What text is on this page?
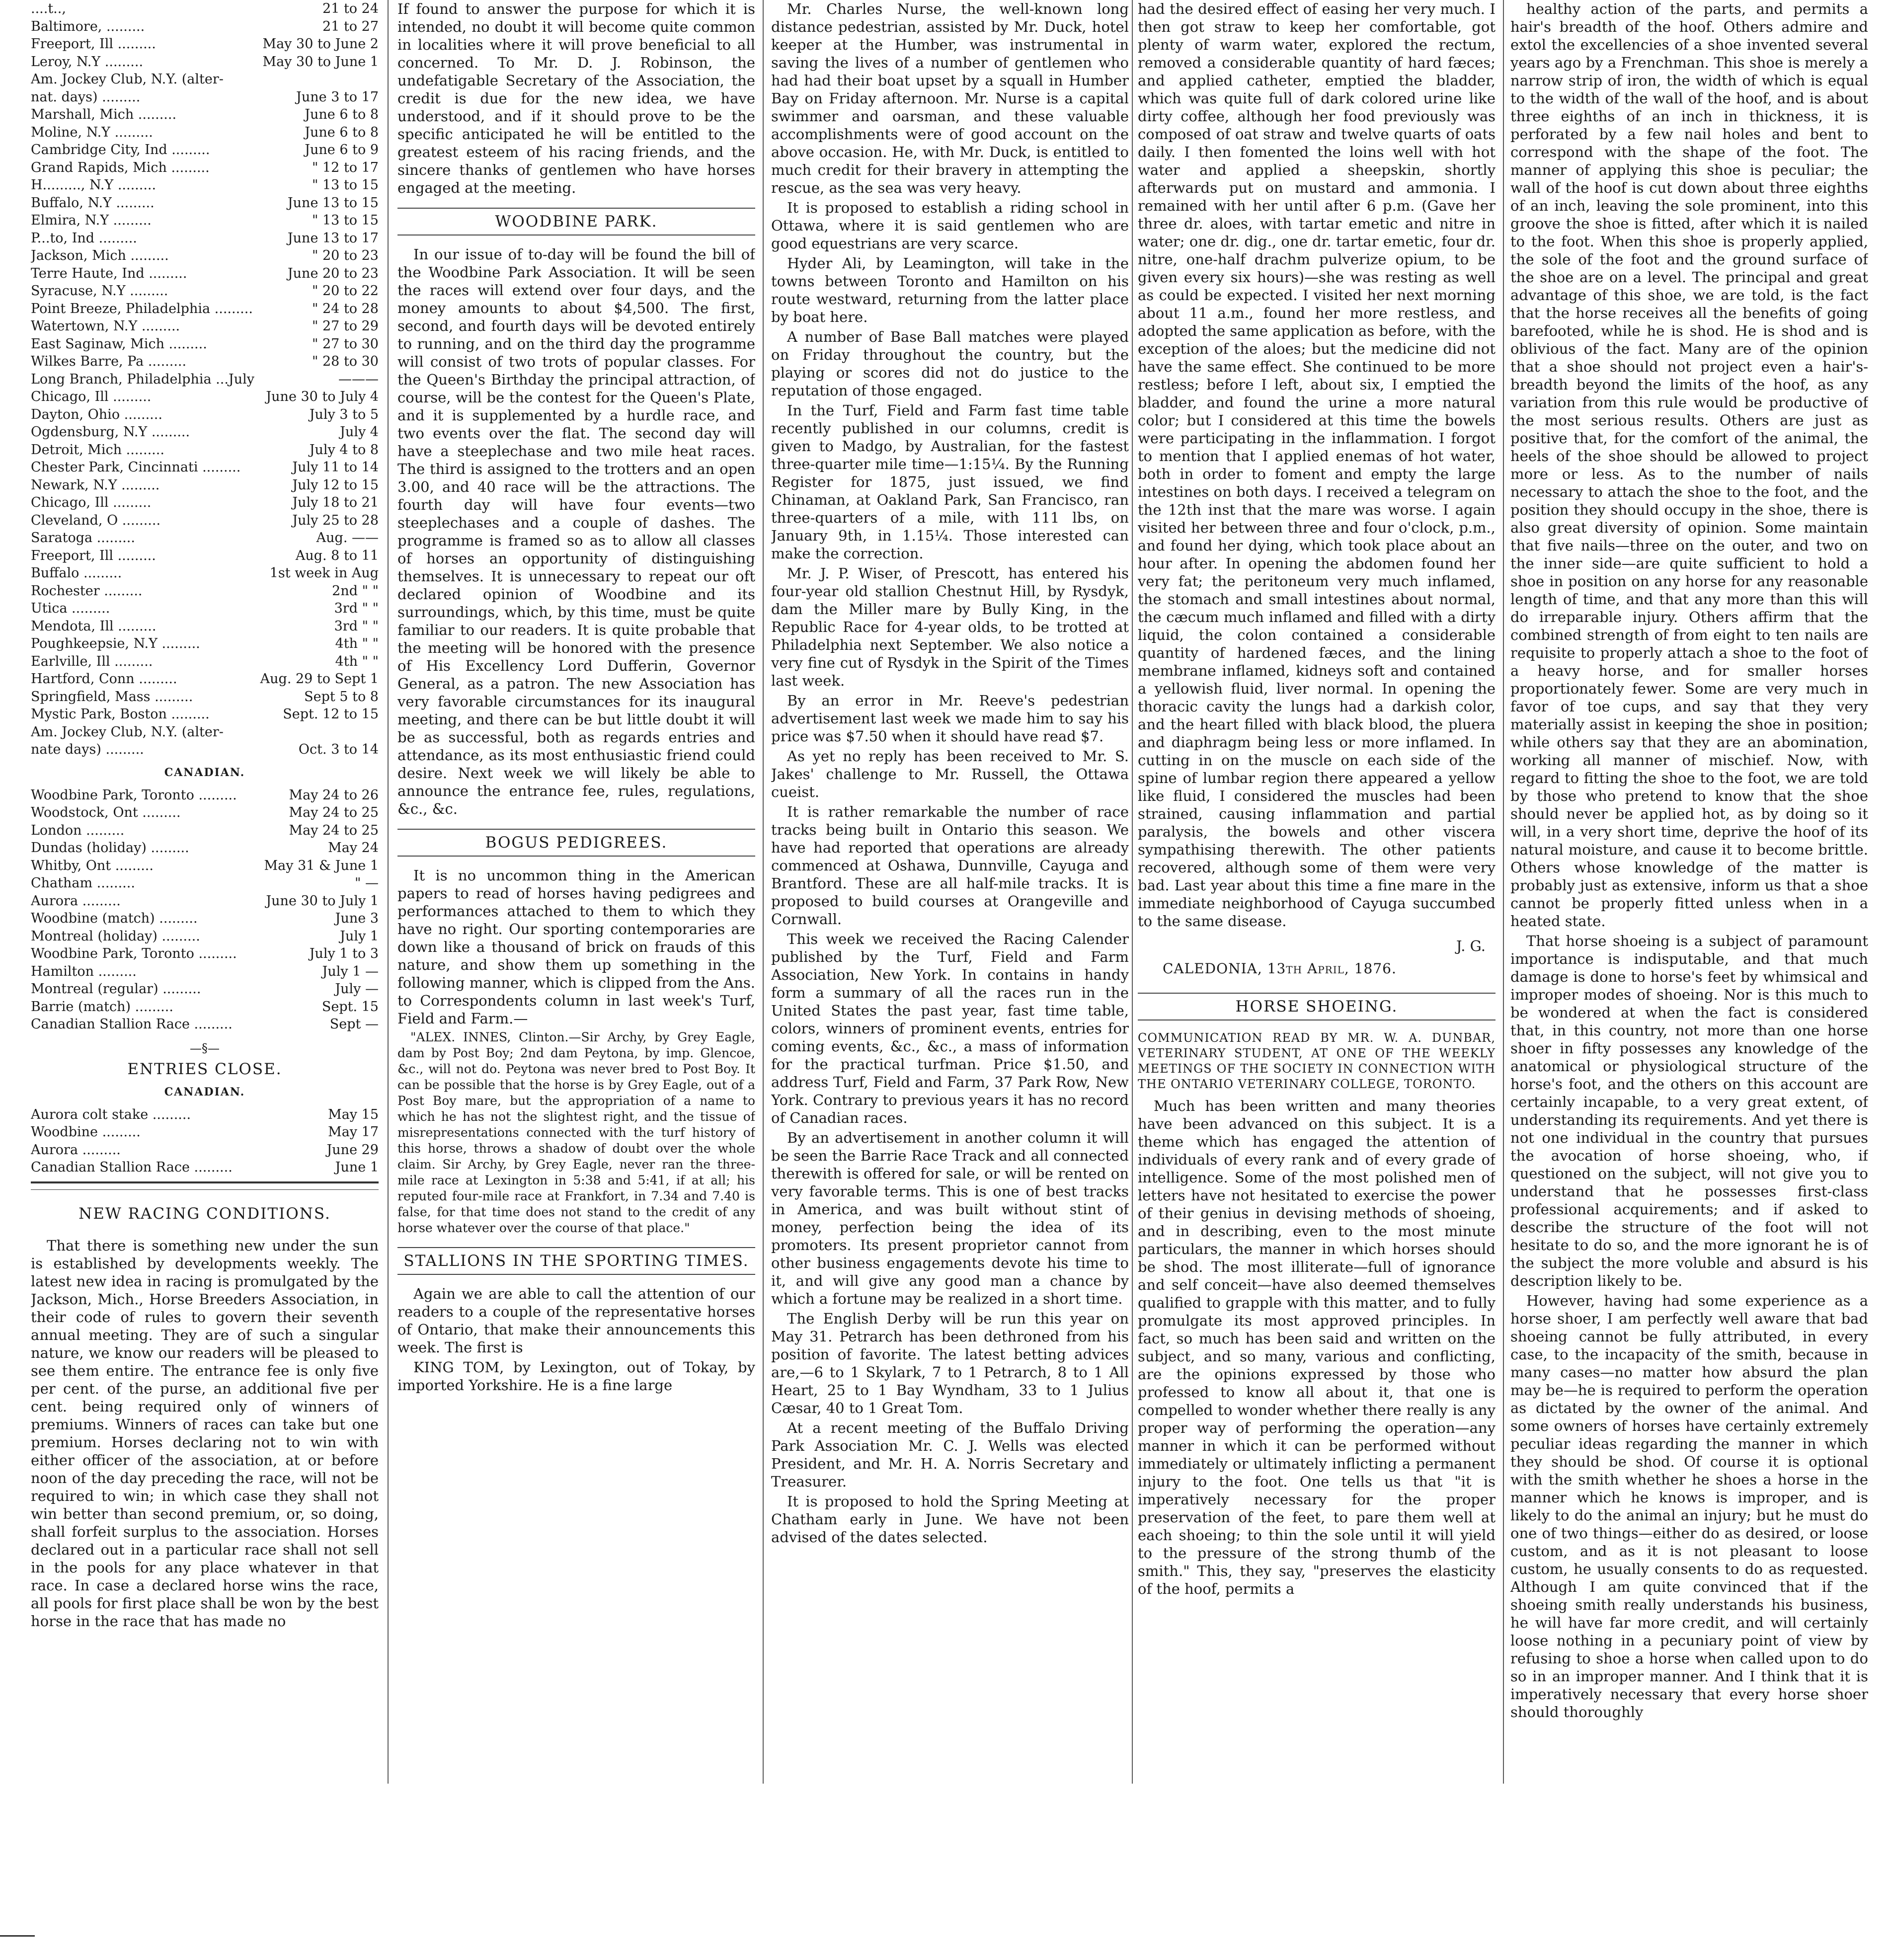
....t..,	21 to 24
Baltimore, .........	21 to 27
Freeport, Ill .........	May 30 to June 2
Leroy, N.Y .........	May 30 to June 1
Am. Jockey Club, N.Y. (alter-
nat. days) .........	June 3 to 17
Marshall, Mich .........	June 6 to 8
Moline, N.Y .........	June 6 to 8
Cambridge City, Ind .........	June 6 to 9
Grand Rapids, Mich .........	" 12 to 17
H........., N.Y .........	" 13 to 15
Buffalo, N.Y .........	June 13 to 15
Elmira, N.Y .........	" 13 to 15
P...to, Ind .........	June 13 to 17
Jackson, Mich .........	" 20 to 23
Terre Haute, Ind .........	June 20 to 23
Syracuse, N.Y .........	" 20 to 22
Point Breeze, Philadelphia .........	" 24 to 28
Watertown, N.Y .........	" 27 to 29
East Saginaw, Mich .........	" 27 to 30
Wilkes Barre, Pa .........	" 28 to 30
Long Branch, Philadelphia ...July	———
Chicago, Ill .........	June 30 to July 4
Dayton, Ohio .........	July 3 to 5
Ogdensburg, N.Y .........	July 4
Detroit, Mich .........	July 4 to 8
Chester Park, Cincinnati .........	July 11 to 14
Newark, N.Y .........	July 12 to 15
Chicago, Ill .........	July 18 to 21
Cleveland, O .........	July 25 to 28
Saratoga .........	Aug. ——
Freeport, Ill .........	Aug. 8 to 11
Buffalo .........	1st week in Aug
Rochester .........	2nd " "
Utica .........	3rd " "
Mendota, Ill .........	3rd " "
Poughkeepsie, N.Y .........	4th " "
Earlville, Ill .........	4th " "
Hartford, Conn .........	Aug. 29 to Sept 1
Springfield, Mass .........	Sept 5 to 8
Mystic Park, Boston .........	Sept. 12 to 15
Am. Jockey Club, N.Y. (alter-
nate days) .........	Oct. 3 to 14
CANADIAN.
Woodbine Park, Toronto .........	May 24 to 26
Woodstock, Ont .........	May 24 to 25
London .........	May 24 to 25
Dundas (holiday) .........	May 24
Whitby, Ont .........	May 31 & June 1
Chatham .........	" —
Aurora .........	June 30 to July 1
Woodbine (match) .........	June 3
Montreal (holiday) .........	July 1
Woodbine Park, Toronto .........	July 1 to 3
Hamilton .........	July 1 —
Montreal (regular) .........	July —
Barrie (match) .........	Sept. 15
Canadian Stallion Race .........	Sept —
—§—
ENTRIES CLOSE.
CANADIAN.
Aurora colt stake .........	May 15
Woodbine .........	May 17
Aurora .........	June 29
Canadian Stallion Race .........	June 1
NEW RACING CONDITIONS.

That there is something new under the sun is established by developments weekly. The latest new idea in racing is promulgated by the Jackson, Mich., Horse Breeders Association, in their code of rules to govern their seventh annual meeting. They are of such a singular nature, we know our readers will be pleased to see them entire. The entrance fee is only five per cent. of the purse, an additional five per cent. being required only of winners of premiums. Winners of races can take but one premium. Horses declaring not to win with either officer of the association, at or before noon of the day preceding the race, will not be required to win; in which case they shall not win better than second premium, or, so doing, shall forfeit surplus to the association. Horses declared out in a particular race shall not sell in the pools for any place whatever in that race. In case a declared horse wins the race, all pools for first place shall be won by the best horse in the race that has made no

If found to answer the purpose for which it is intended, no doubt it will become quite common in localities where it will prove beneficial to all concerned. To Mr. D. J. Robinson, the undefatigable Secretary of the Association, the credit is due for the new idea, we have understood, and if it should prove to be the specific anticipated he will be entitled to the greatest esteem of his racing friends, and the sincere thanks of gentlemen who have horses engaged at the meeting.

WOODBINE PARK.

In our issue of to-day will be found the bill of the Woodbine Park Association. It will be seen the races will extend over four days, and the money amounts to about $4,500. The first, second, and fourth days will be devoted entirely to running, and on the third day the programme will consist of two trots of popular classes. For the Queen's Birthday the principal attraction, of course, will be the contest for the Queen's Plate, and it is supplemented by a hurdle race, and two events over the flat. The second day will have a steeplechase and two mile heat races. The third is assigned to the trotters and an open 3.00, and 40 race will be the attractions. The fourth day will have four events—two steeplechases and a couple of dashes. The programme is framed so as to allow all classes of horses an opportunity of distinguishing themselves. It is unnecessary to repeat our oft declared opinion of Woodbine and its surroundings, which, by this time, must be quite familiar to our readers. It is quite probable that the meeting will be honored with the presence of His Excellency Lord Dufferin, Governor General, as a patron. The new Association has very favorable circumstances for its inaugural meeting, and there can be but little doubt it will be as successful, both as regards entries and attendance, as its most enthusiastic friend could desire. Next week we will likely be able to announce the entrance fee, rules, regulations, &c., &c.

BOGUS PEDIGREES.

It is no uncommon thing in the American papers to read of horses having pedigrees and performances attached to them to which they have no right. Our sporting contemporaries are down like a thousand of brick on frauds of this nature, and show them up something in the following manner, which is clipped from the Ans. to Correspondents column in last week's Turf, Field and Farm.—

"ALEX. INNES, Clinton.—Sir Archy, by Grey Eagle, dam by Post Boy; 2nd dam Peytona, by imp. Glencoe, &c., will not do. Peytona was never bred to Post Boy. It can be possible that the horse is by Grey Eagle, out of a Post Boy mare, but the appropriation of a name to which he has not the slightest right, and the tissue of misrepresentations connected with the turf history of this horse, throws a shadow of doubt over the whole claim. Sir Archy, by Grey Eagle, never ran the three-mile race at Lexington in 5:38 and 5:41, if at all; his reputed four-mile race at Frankfort, in 7.34 and 7.40 is false, for that time does not stand to the credit of any horse whatever over the course of that place."

STALLIONS IN THE SPORTING TIMES.

Again we are able to call the attention of our readers to a couple of the representative horses of Ontario, that make their announcements this week. The first is

KING TOM, by Lexington, out of Tokay, by imported Yorkshire. He is a fine large

Mr. Charles Nurse, the well-known long distance pedestrian, assisted by Mr. Duck, hotel keeper at the Humber, was instrumental in saving the lives of a number of gentlemen who had had their boat upset by a squall in Humber Bay on Friday afternoon. Mr. Nurse is a capital swimmer and oarsman, and these valuable accomplishments were of good account on the above occasion. He, with Mr. Duck, is entitled to much credit for their bravery in attempting the rescue, as the sea was very heavy.

It is proposed to establish a riding school in Ottawa, where it is said gentlemen who are good equestrians are very scarce.

Hyder Ali, by Leamington, will take in the towns between Toronto and Hamilton on his route westward, returning from the latter place by boat here.

A number of Base Ball matches were played on Friday throughout the country, but the playing or scores did not do justice to the reputation of those engaged.

In the Turf, Field and Farm fast time table recently published in our columns, credit is given to Madgo, by Australian, for the fastest three-quarter mile time—1:15¼. By the Running Register for 1875, just issued, we find Chinaman, at Oakland Park, San Francisco, ran three-quarters of a mile, with 111 lbs, on January 9th, in 1.15¼. Those interested can make the correction.

Mr. J. P. Wiser, of Prescott, has entered his four-year old stallion Chestnut Hill, by Rysdyk, dam the Miller mare by Bully King, in the Republic Race for 4-year olds, to be trotted at Philadelphia next September. We also notice a very fine cut of Rysdyk in the Spirit of the Times last week.

By an error in Mr. Reeve's pedestrian advertisement last week we made him to say his price was $7.50 when it should have read $7.

As yet no reply has been received to Mr. S. Jakes' challenge to Mr. Russell, the Ottawa cueist.

It is rather remarkable the number of race tracks being built in Ontario this season. We have had reported that operations are already commenced at Oshawa, Dunnville, Cayuga and Brantford. These are all half-mile tracks. It is proposed to build courses at Orangeville and Cornwall.

This week we received the Racing Calender published by the Turf, Field and Farm Association, New York. In contains in handy form a summary of all the races run in the United States the past year, fast time table, colors, winners of prominent events, entries for coming events, &c., &c., a mass of information for the practical turfman. Price $1.50, and address Turf, Field and Farm, 37 Park Row, New York. Contrary to previous years it has no record of Canadian races.

By an advertisement in another column it will be seen the Barrie Race Track and all connected therewith is offered for sale, or will be rented on very favorable terms. This is one of best tracks in America, and was built without stint of money, perfection being the idea of its promoters. Its present proprietor cannot from other business engagements devote his time to it, and will give any good man a chance by which a fortune may be realized in a short time.

The English Derby will be run this year on May 31. Petrarch has been dethroned from his position of favorite. The latest betting advices are,—6 to 1 Skylark, 7 to 1 Petrarch, 8 to 1 All Heart, 25 to 1 Bay Wyndham, 33 to 1 Julius Cæsar, 40 to 1 Great Tom.

At a recent meeting of the Buffalo Driving Park Association Mr. C. J. Wells was elected President, and Mr. H. A. Norris Secretary and Treasurer.

It is proposed to hold the Spring Meeting at Chatham early in June. We have not been advised of the dates selected.

had the desired effect of easing her very much. I then got straw to keep her comfortable, got plenty of warm water, explored the rectum, removed a considerable quantity of hard fæces; and applied catheter, emptied the bladder, which was quite full of dark colored urine like dirty coffee, although her food previously was composed of oat straw and twelve quarts of oats daily. I then fomented the loins well with hot water and applied a sheepskin, shortly afterwards put on mustard and ammonia. I remained with her until after 6 p.m. (Gave her three dr. aloes, with tartar emetic and nitre in water; one dr. dig., one dr. tartar emetic, four dr. nitre, one-half drachm pulverize opium, to be given every six hours)—she was resting as well as could be expected. I visited her next morning about 11 a.m., found her more restless, and adopted the same application as before, with the exception of the aloes; but the medicine did not have the same effect. She continued to be more restless; before I left, about six, I emptied the bladder, and found the urine a more natural color; but I considered at this time the bowels were participating in the inflammation. I forgot to mention that I applied enemas of hot water, both in order to foment and empty the large intestines on both days. I received a telegram on the 12th inst that the mare was worse. I again visited her between three and four o'clock, p.m., and found her dying, which took place about an hour after. In opening the abdomen found her very fat; the peritoneum very much inflamed, the stomach and small intestines about normal, the cæcum much inflamed and filled with a dirty liquid, the colon contained a considerable quantity of hardened fæces, and the lining membrane inflamed, kidneys soft and contained a yellowish fluid, liver normal. In opening the thoracic cavity the lungs had a darkish color, and the heart filled with black blood, the pluera and diaphragm being less or more inflamed. In cutting in on the muscle on each side of the spine of lumbar region there appeared a yellow like fluid, I considered the muscles had been strained, causing inflammation and partial paralysis, the bowels and other viscera sympathising therewith. The other patients recovered, although some of them were very bad. Last year about this time a fine mare in the immediate neighborhood of Cayuga succumbed to the same disease.

J. G.

CALEDONIA, 13th April, 1876.

HORSE SHOEING.

COMMUNICATION READ BY MR. W. A. DUNBAR, VETERINARY STUDENT, AT ONE OF THE WEEKLY MEETINGS OF THE SOCIETY IN CONNECTION WITH THE ONTARIO VETERINARY COLLEGE, TORONTO.

Much has been written and many theories have been advanced on this subject. It is a theme which has engaged the attention of individuals of every rank and of every grade of intelligence. Some of the most polished men of letters have not hesitated to exercise the power of their genius in devising methods of shoeing, and in describing, even to the most minute particulars, the manner in which horses should be shod. The most illiterate—full of ignorance and self conceit—have also deemed themselves qualified to grapple with this matter, and to fully promulgate its most approved principles. In fact, so much has been said and written on the subject, and so many, various and conflicting, are the opinions expressed by those who professed to know all about it, that one is compelled to wonder whether there really is any proper way of performing the operation—any manner in which it can be performed without immediately or ultimately inflicting a permanent injury to the foot. One tells us that "it is imperatively necessary for the proper preservation of the feet, to pare them well at each shoeing; to thin the sole until it will yield to the pressure of the strong thumb of the smith." This, they say, "preserves the elasticity of the hoof, permits a

healthy action of the parts, and permits a hair's breadth of the hoof. Others admire and extol the excellencies of a shoe invented several years ago by a Frenchman. This shoe is merely a narrow strip of iron, the width of which is equal to the width of the wall of the hoof, and is about three eighths of an inch in thickness, it is perforated by a few nail holes and bent to correspond with the shape of the foot. The manner of applying this shoe is peculiar; the wall of the hoof is cut down about three eighths of an inch, leaving the sole prominent, into this groove the shoe is fitted, after which it is nailed to the foot. When this shoe is properly applied, the sole of the foot and the ground surface of the shoe are on a level. The principal and great advantage of this shoe, we are told, is the fact that the horse receives all the benefits of going barefooted, while he is shod. He is shod and is oblivious of the fact. Many are of the opinion that a shoe should not project even a hair's-breadth beyond the limits of the hoof, as any variation from this rule would be productive of the most serious results. Others are just as positive that, for the comfort of the animal, the heels of the shoe should be allowed to project more or less. As to the number of nails necessary to attach the shoe to the foot, and the position they should occupy in the shoe, there is also great diversity of opinion. Some maintain that five nails—three on the outer, and two on the inner side—are quite sufficient to hold a shoe in position on any horse for any reasonable length of time, and that any more than this will do irreparable injury. Others affirm that the combined strength of from eight to ten nails are requisite to properly attach a shoe to the foot of a heavy horse, and for smaller horses proportionately fewer. Some are very much in favor of toe cups, and say that they very materially assist in keeping the shoe in position; while others say that they are an abomination, working all manner of mischief. Now, with regard to fitting the shoe to the foot, we are told by those who pretend to know that the shoe should never be applied hot, as by doing so it will, in a very short time, deprive the hoof of its natural moisture, and cause it to become brittle. Others whose knowledge of the matter is probably just as extensive, inform us that a shoe cannot be properly fitted unless when in a heated state.

That horse shoeing is a subject of paramount importance is indisputable, and that much damage is done to horse's feet by whimsical and improper modes of shoeing. Nor is this much to be wondered at when the fact is considered that, in this country, not more than one horse shoer in fifty possesses any knowledge of the anatomical or physiological structure of the horse's foot, and the others on this account are certainly incapable, to a very great extent, of understanding its requirements. And yet there is not one individual in the country that pursues the avocation of horse shoeing, who, if questioned on the subject, will not give you to understand that he possesses first-class professional acquirements; and if asked to describe the structure of the foot will not hesitate to do so, and the more ignorant he is of the subject the more voluble and absurd is his description likely to be.

However, having had some experience as a horse shoer, I am perfectly well aware that bad shoeing cannot be fully attributed, in every case, to the incapacity of the smith, because in many cases—no matter how absurd the plan may be—he is required to perform the operation as dictated by the owner of the animal. And some owners of horses have certainly extremely peculiar ideas regarding the manner in which they should be shod. Of course it is optional with the smith whether he shoes a horse in the manner which he knows is improper, and is likely to do the animal an injury; but he must do one of two things—either do as desired, or loose custom, and as it is not pleasant to loose custom, he usually consents to do as requested. Although I am quite convinced that if the shoeing smith really understands his business, he will have far more credit, and will certainly loose nothing in a pecuniary point of view by refusing to shoe a horse when called upon to do so in an improper manner. And I think that it is imperatively necessary that every horse shoer should thoroughly
